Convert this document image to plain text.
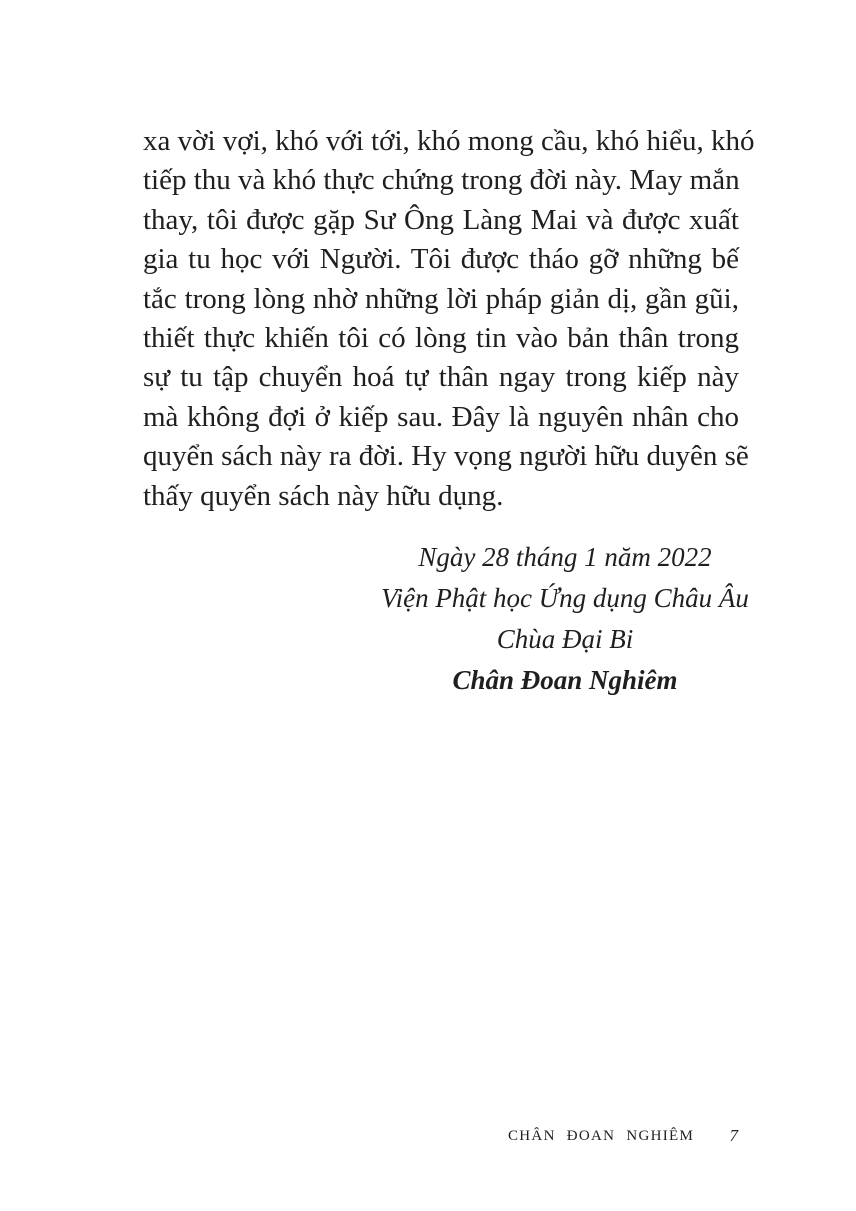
xa vời vợi, khó với tới, khó mong cầu, khó hiểu, khó
tiếp thu và khó thực chứng trong đời này. May mắn
thay, tôi được gặp Sư Ông Làng Mai và được xuất
gia tu học với Người. Tôi được tháo gỡ những bế
tắc trong lòng nhờ những lời pháp giản dị, gần gũi,
thiết thực khiến tôi có lòng tin vào bản thân trong
sự tu tập chuyển hoá tự thân ngay trong kiếp này
mà không đợi ở kiếp sau. Đây là nguyên nhân cho
quyển sách này ra đời. Hy vọng người hữu duyên sẽ
thấy quyển sách này hữu dụng.
Ngày 28 tháng 1 năm 2022
Viện Phật học Ứng dụng Châu Âu
Chùa Đại Bi
Chân Đoan Nghiêm
CHÂN ĐOAN NGHIÊM 7
